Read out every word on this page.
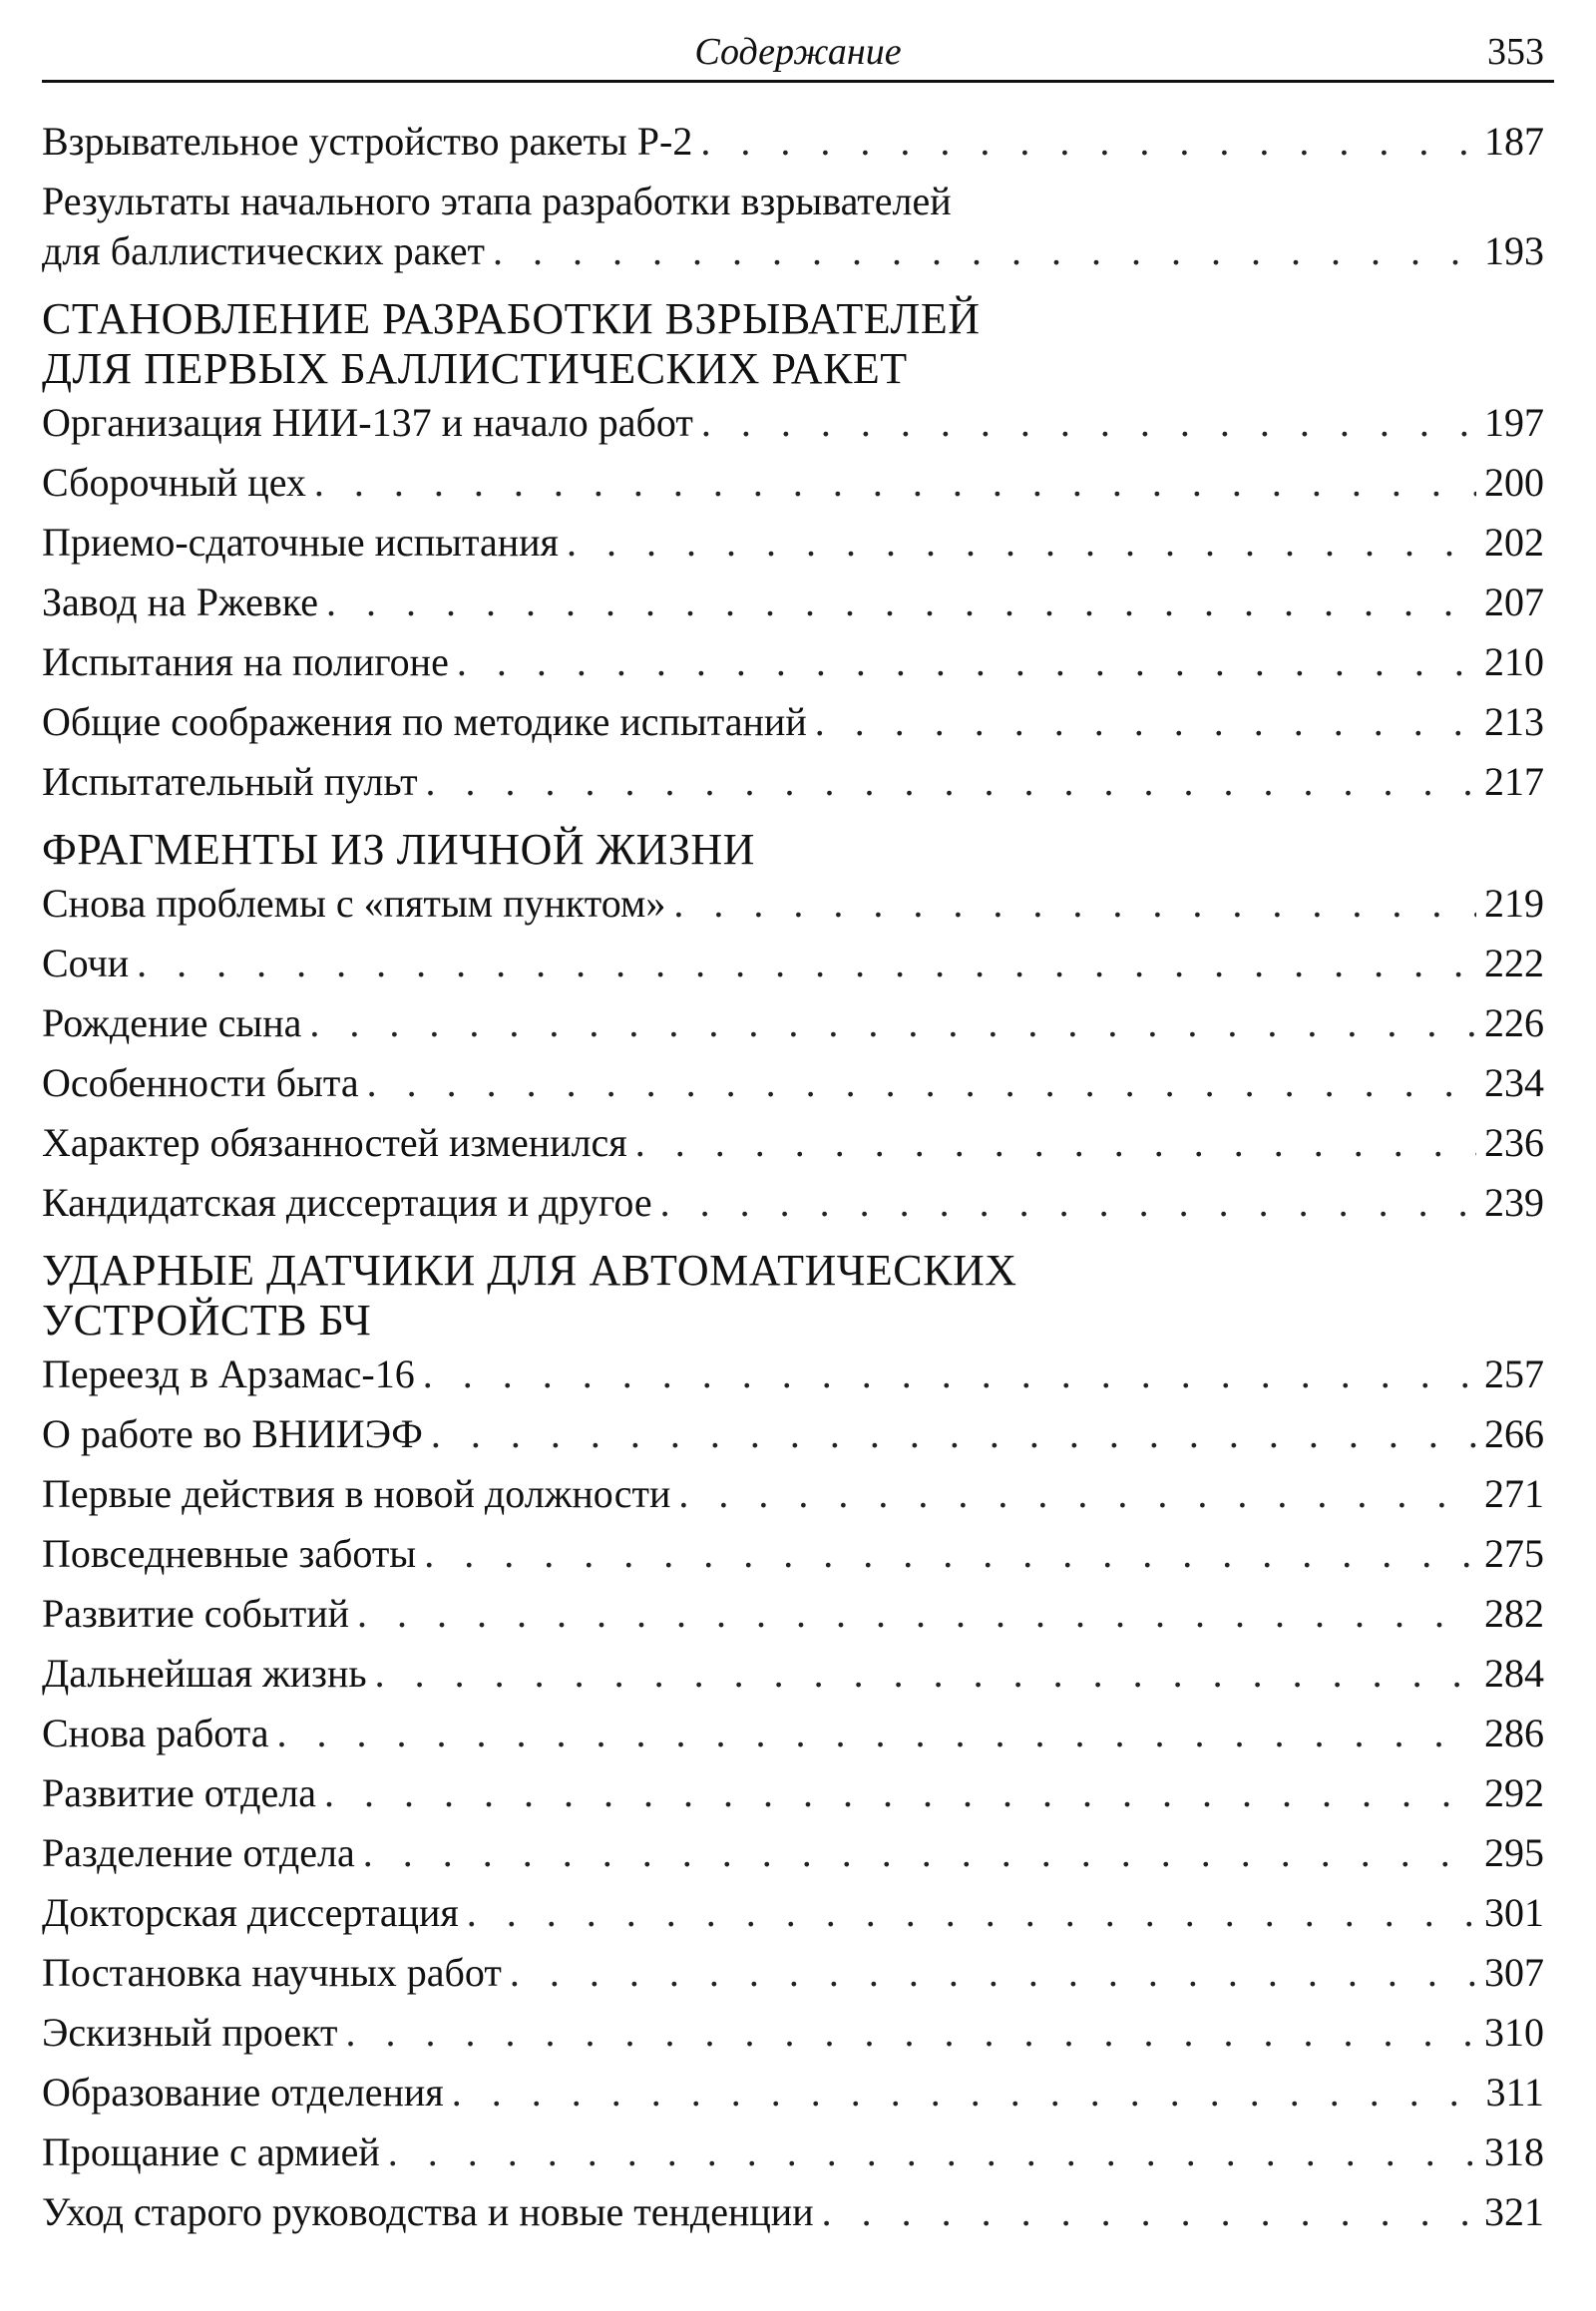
Содержание	353
Взрывательное устройство ракеты Р-2 . . .	187
Результаты начального этапа разработки взрывателей
для баллистических ракет . . .	193
СТАНОВЛЕНИЕ РАЗРАБОТКИ ВЗРЫВАТЕЛЕЙ
ДЛЯ ПЕРВЫХ БАЛЛИСТИЧЕСКИХ РАКЕТ
Организация НИИ-137 и начало работ . . .	197
Сборочный цех . . .	200
Приемо-сдаточные испытания . . .	202
Завод на Ржевке . . .	207
Испытания на полигоне . . .	210
Общие соображения по методике испытаний . . .	213
Испытательный пульт . . .	217
ФРАГМЕНТЫ ИЗ ЛИЧНОЙ ЖИЗНИ
Снова проблемы с «пятым пунктом» . . .	219
Сочи . . .	222
Рождение сына . . .	226
Особенности быта . . .	234
Характер обязанностей изменился . . .	236
Кандидатская диссертация и другое . . .	239
УДАРНЫЕ ДАТЧИКИ ДЛЯ АВТОМАТИЧЕСКИХ
УСТРОЙСТВ БЧ
Переезд в Арзамас-16 . . .	257
О работе во ВНИИЭФ . . .	266
Первые действия в новой должности . . .	271
Повседневные заботы . . .	275
Развитие событий . . .	282
Дальнейшая жизнь . . .	284
Снова работа . . .	286
Развитие отдела . . .	292
Разделение отдела . . .	295
Докторская диссертация . . .	301
Постановка научных работ . . .	307
Эскизный проект . . .	310
Образование отделения . . .	311
Прощание с армией . . .	318
Уход старого руководства и новые тенденции . . .	321
